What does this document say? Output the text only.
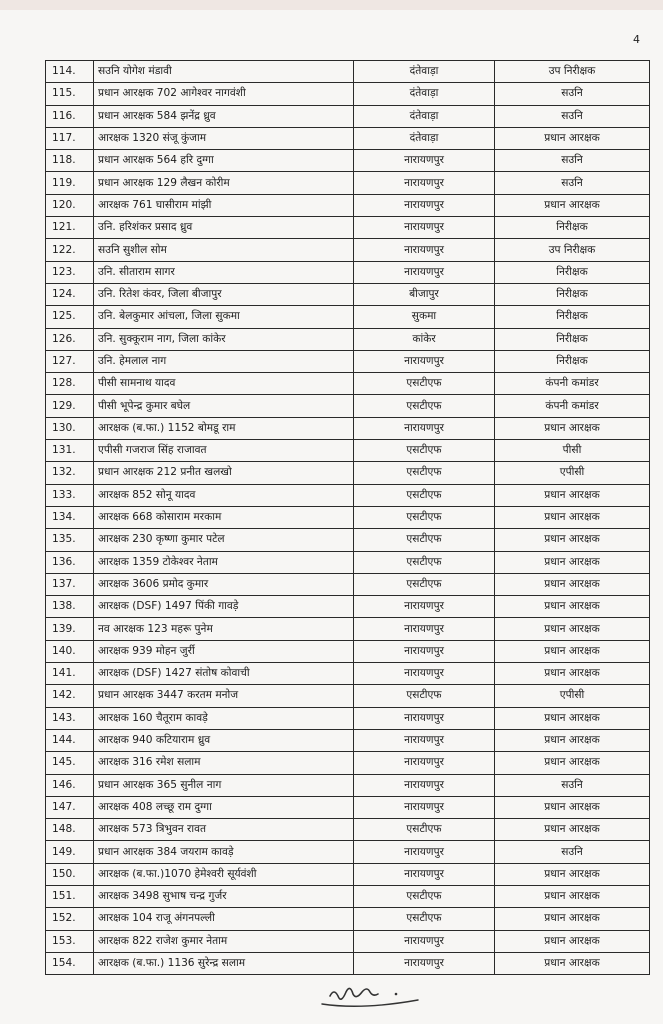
4
114.	सउनि योगेश मंडावी	दंतेवाड़ा	उप निरीक्षक
115.	प्रधान आरक्षक 702 आगेश्वर नागवंशी	दंतेवाड़ा	सउनि
116.	प्रधान आरक्षक 584 झनेंद्र ध्रुव	दंतेवाड़ा	सउनि
117.	आरक्षक 1320 संजू कुंजाम	दंतेवाड़ा	प्रधान आरक्षक
118.	प्रधान आरक्षक 564 हरि दुग्गा	नारायणपुर	सउनि
119.	प्रधान आरक्षक 129 लैखन कोरीम	नारायणपुर	सउनि
120.	आरक्षक 761 घासीराम मांझी	नारायणपुर	प्रधान आरक्षक
121.	उनि. हरिशंकर प्रसाद ध्रुव	नारायणपुर	निरीक्षक
122.	सउनि सुशील सोम	नारायणपुर	उप निरीक्षक
123.	उनि. सीताराम सागर	नारायणपुर	निरीक्षक
124.	उनि. रितेश कंवर, जिला बीजापुर	बीजापुर	निरीक्षक
125.	उनि. बेलकुमार आंचला, जिला सुकमा	सुकमा	निरीक्षक
126.	उनि. सुक्कूराम नाग, जिला कांकेर	कांकेर	निरीक्षक
127.	उनि. हेमलाल नाग	नारायणपुर	निरीक्षक
128.	पीसी सामनाथ यादव	एसटीएफ	कंपनी कमांडर
129.	पीसी भूपेन्द्र कुमार बघेल	एसटीएफ	कंपनी कमांडर
130.	आरक्षक (ब.फा.) 1152 बोमडू राम	नारायणपुर	प्रधान आरक्षक
131.	एपीसी गजराज सिंह राजावत	एसटीएफ	पीसी
132.	प्रधान आरक्षक 212 प्रनीत खलखो	एसटीएफ	एपीसी
133.	आरक्षक 852 सोनू यादव	एसटीएफ	प्रधान आरक्षक
134.	आरक्षक 668 कोसाराम मरकाम	एसटीएफ	प्रधान आरक्षक
135.	आरक्षक 230 कृष्णा कुमार पटेल	एसटीएफ	प्रधान आरक्षक
136.	आरक्षक 1359 टोकेश्वर नेताम	एसटीएफ	प्रधान आरक्षक
137.	आरक्षक 3606 प्रमोद कुमार	एसटीएफ	प्रधान आरक्षक
138.	आरक्षक (DSF) 1497 पिंकी गावड़े	नारायणपुर	प्रधान आरक्षक
139.	नव आरक्षक 123 महरू पुनेम	नारायणपुर	प्रधान आरक्षक
140.	आरक्षक 939 मोहन जुर्री	नारायणपुर	प्रधान आरक्षक
141.	आरक्षक (DSF) 1427 संतोष कोवाची	नारायणपुर	प्रधान आरक्षक
142.	प्रधान आरक्षक 3447 करतम मनोज	एसटीएफ	एपीसी
143.	आरक्षक 160 चैतूराम कावड़े	नारायणपुर	प्रधान आरक्षक
144.	आरक्षक 940 कटियाराम ध्रुव	नारायणपुर	प्रधान आरक्षक
145.	आरक्षक 316 रमेश सलाम	नारायणपुर	प्रधान आरक्षक
146.	प्रधान आरक्षक 365 सुनील नाग	नारायणपुर	सउनि
147.	आरक्षक 408 लच्छू राम दुग्गा	नारायणपुर	प्रधान आरक्षक
148.	आरक्षक 573 त्रिभुवन रावत	एसटीएफ	प्रधान आरक्षक
149.	प्रधान आरक्षक 384 जयराम कावड़े	नारायणपुर	सउनि
150.	आरक्षक (ब.फा.)1070 हेमेश्वरी सूर्यवंशी	नारायणपुर	प्रधान आरक्षक
151.	आरक्षक 3498 सुभाष चन्द्र गुर्जर	एसटीएफ	प्रधान आरक्षक
152.	आरक्षक 104 राजू अंगनपल्ली	एसटीएफ	प्रधान आरक्षक
153.	आरक्षक 822 राजेश कुमार नेताम	नारायणपुर	प्रधान आरक्षक
154.	आरक्षक (ब.फा.) 1136 सुरेन्द्र सलाम	नारायणपुर	प्रधान आरक्षक
